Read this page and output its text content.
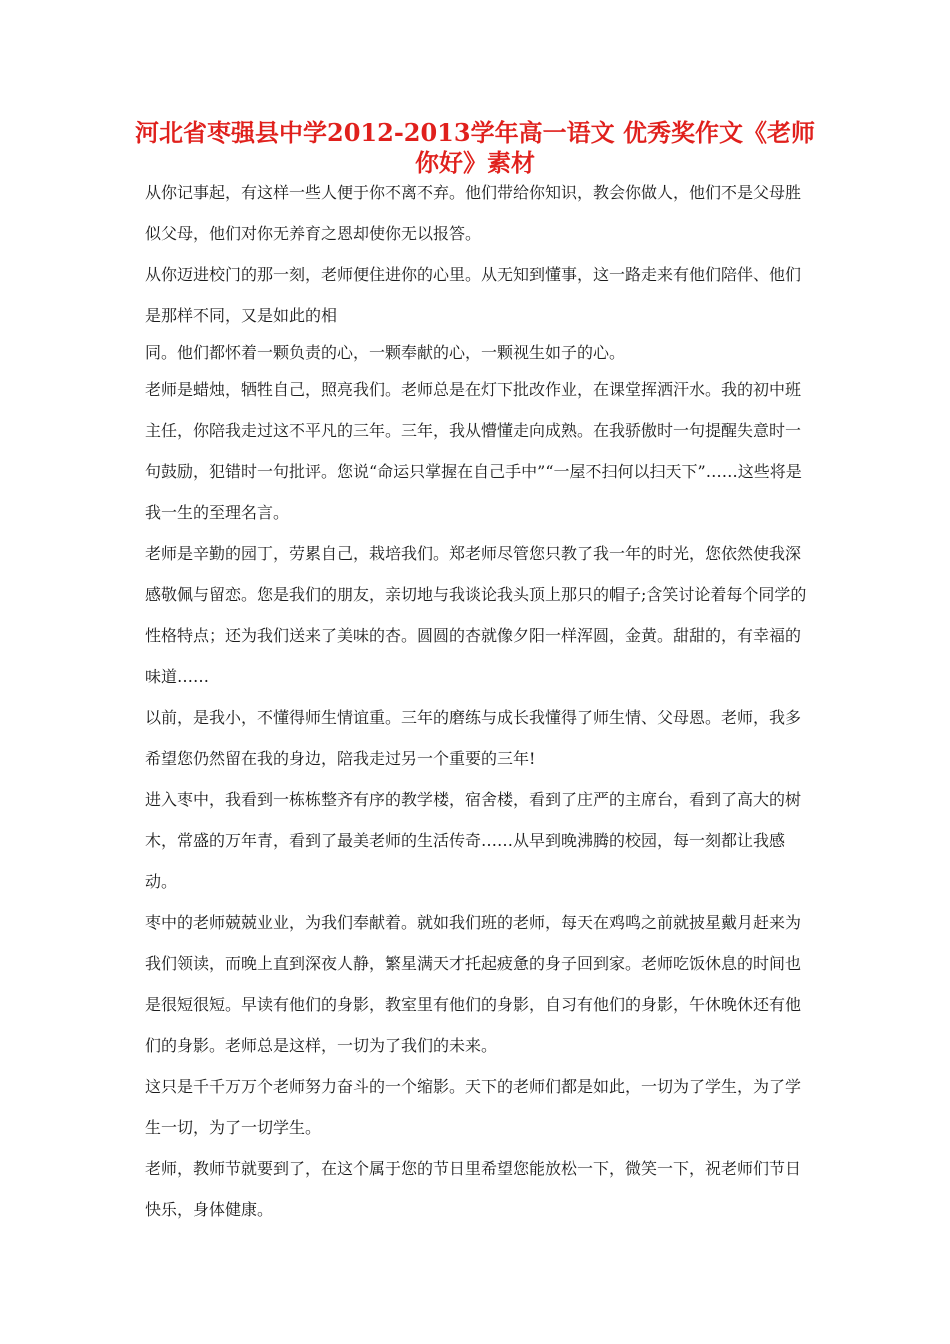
河北省枣强县中学2012-2013学年高一语文 优秀奖作文《老师你好》素材

从你记事起，有这样一些人便于你不离不弃。他们带给你知识，教会你做人，他们不是父母胜似父母，他们对你无养育之恩却使你无以报答。

从你迈进校门的那一刻，老师便住进你的心里。从无知到懂事，这一路走来有他们陪伴、他们是那样不同，又是如此的相

同。他们都怀着一颗负责的心，一颗奉献的心，一颗视生如子的心。

老师是蜡烛，牺牲自己，照亮我们。老师总是在灯下批改作业，在课堂挥洒汗水。我的初中班主任，你陪我走过这不平凡的三年。三年，我从懵懂走向成熟。在我骄傲时一句提醒失意时一句鼓励，犯错时一句批评。您说“命运只掌握在自己手中”“一屋不扫何以扫天下”……这些将是我一生的至理名言。

老师是辛勤的园丁，劳累自己，栽培我们。郑老师尽管您只教了我一年的时光，您依然使我深感敬佩与留恋。您是我们的朋友，亲切地与我谈论我头顶上那只的帽子;含笑讨论着每个同学的性格特点；还为我们送来了美味的杏。圆圆的杏就像夕阳一样浑圆，金黄。甜甜的，有幸福的味道……

以前，是我小，不懂得师生情谊重。三年的磨练与成长我懂得了师生情、父母恩。老师，我多希望您仍然留在我的身边，陪我走过另一个重要的三年!

进入枣中，我看到一栋栋整齐有序的教学楼，宿舍楼，看到了庄严的主席台，看到了高大的树木，常盛的万年青，看到了最美老师的生活传奇……从早到晚沸腾的校园，每一刻都让我感动。

枣中的老师兢兢业业，为我们奉献着。就如我们班的老师，每天在鸡鸣之前就披星戴月赶来为我们领读，而晚上直到深夜人静，繁星满天才托起疲惫的身子回到家。老师吃饭休息的时间也是很短很短。早读有他们的身影，教室里有他们的身影，自习有他们的身影，午休晚休还有他们的身影。老师总是这样，一切为了我们的未来。

这只是千千万万个老师努力奋斗的一个缩影。天下的老师们都是如此，一切为了学生，为了学生一切，为了一切学生。

老师，教师节就要到了，在这个属于您的节日里希望您能放松一下，微笑一下，祝老师们节日快乐，身体健康。
